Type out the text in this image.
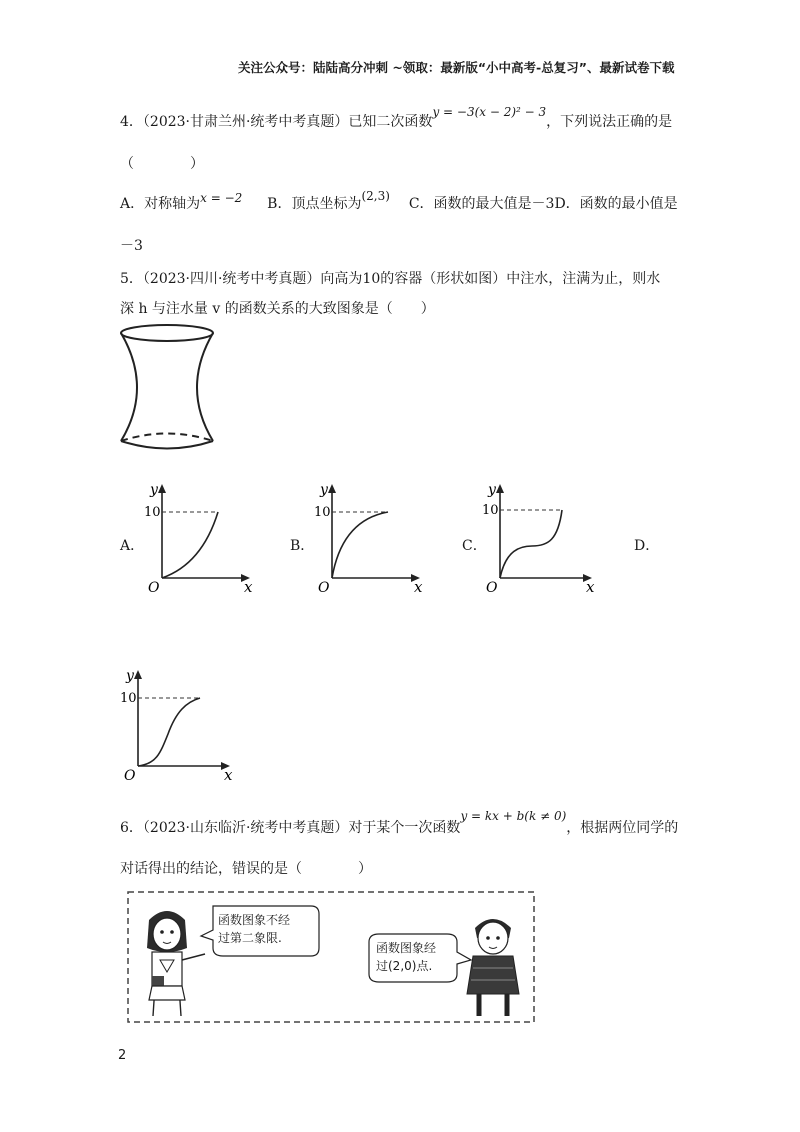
关注公众号：陆陆高分冲刺 ~领取：最新版“小中高考-总复习”、最新试卷下载
4．（2023·甘肃兰州·统考中考真题）已知二次函数y = −3(x − 2)² − 3，下列说法正确的是
（　　　　）
A．对称轴为x = −2 B．顶点坐标为(2,3) C．函数的最大值是－3D．函数的最小值是
－3
5．（2023·四川·统考中考真题）向高为10的容器（形状如图）中注水，注满为止，则水
深 h 与注水量 v 的函数关系的大致图象是（　　）
A．	B．	C．	D．
y
10
O	x
y
10
O	x
y
10
O	x
y
10
O	x
6．（2023·山东临沂·统考中考真题）对于某个一次函数y = kx + b(k ≠ 0)，根据两位同学的
对话得出的结论，错误的是（　　　　）
函数图象不经
过第二象限.
函数图象经
过(2,0)点.
2
